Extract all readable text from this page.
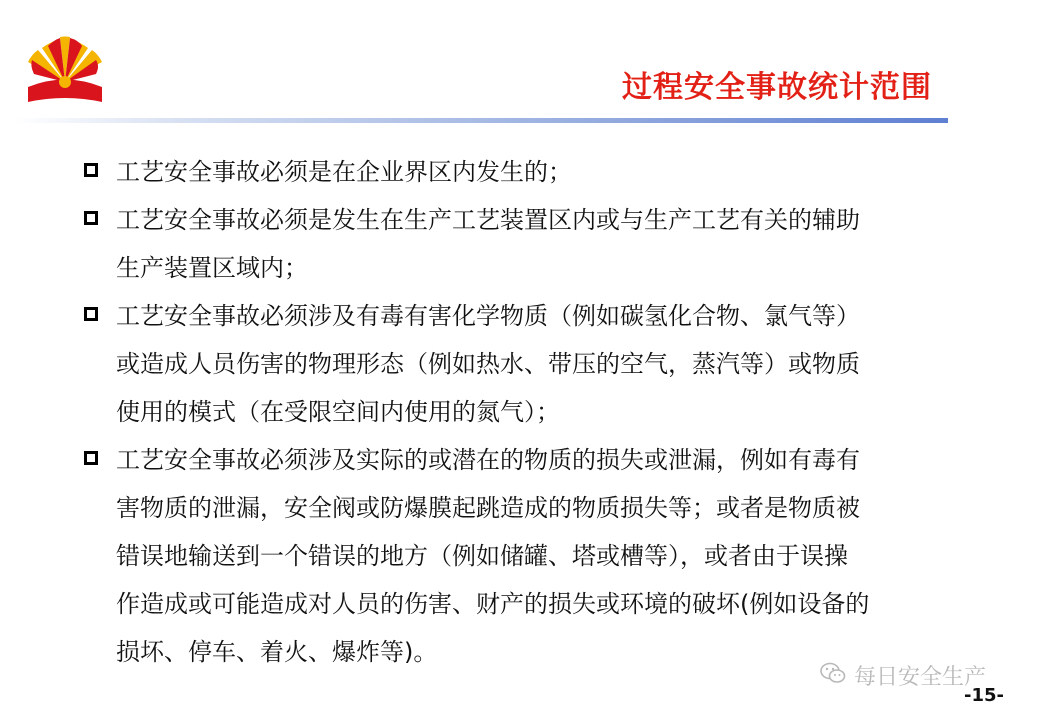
过程安全事故统计范围
工艺安全事故必须是在企业界区内发生的；
工艺安全事故必须是发生在生产工艺装置区内或与生产工艺有关的辅助
生产装置区域内；
工艺安全事故必须涉及有毒有害化学物质（例如碳氢化合物、氯气等）
或造成人员伤害的物理形态（例如热水、带压的空气，蒸汽等）或物质
使用的模式（在受限空间内使用的氮气）；
工艺安全事故必须涉及实际的或潜在的物质的损失或泄漏，例如有毒有
害物质的泄漏，安全阀或防爆膜起跳造成的物质损失等；或者是物质被
错误地输送到一个错误的地方（例如储罐、塔或槽等），或者由于误操
作造成或可能造成对人员的伤害、财产的损失或环境的破坏(例如设备的
损坏、停车、着火、爆炸等)。
每日安全生产
-15-
